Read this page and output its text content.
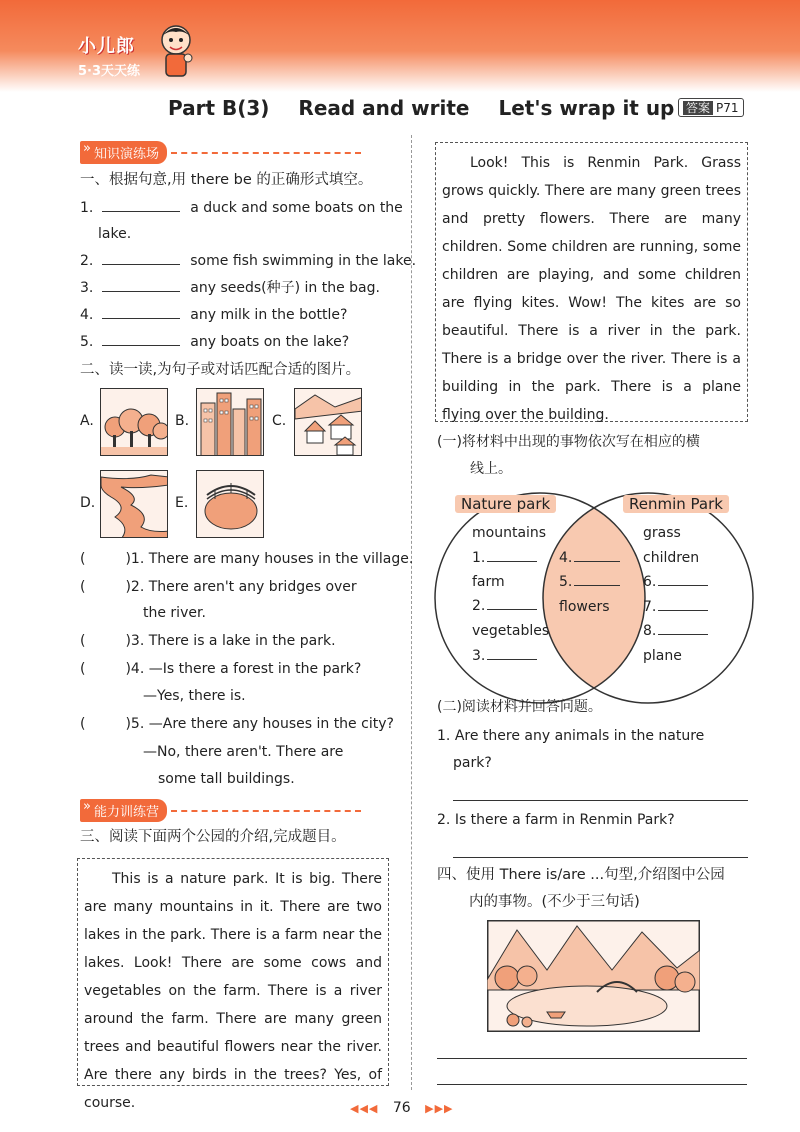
小儿郎
5·3天天练
Part B(3) Read and write Let's wrap it up 答案 P71
» 知识演练场
一、根据句意,用 there be 的正确形式填空。
1.	a duck and some boats on the
lake.
2.	some fish swimming in the lake.
3.	any seeds(种子) in the bag.
4.	any milk in the bottle?
5.	any boats on the lake?
二、读一读,为句子或对话匹配合适的图片。
A.	B.	C.
D.	E.
(	)1. There are many houses in the village.
(	)2. There aren't any bridges over
the river.
(	)3. There is a lake in the park.
(	)4. —Is there a forest in the park?
—Yes, there is.
(	)5. —Are there any houses in the city?
—No, there aren't. There are
some tall buildings.
» 能力训练营
三、阅读下面两个公园的介绍,完成题目。
This is a nature park. It is big. There are many mountains in it. There are two lakes in the park. There is a farm near the lakes. Look! There are some cows and vegetables on the farm. There is a river around the farm. There are many green trees and beautiful flowers near the river. Are there any birds in the trees? Yes, of course.
Look! This is Renmin Park. Grass grows quickly. There are many green trees and pretty flowers. There are many children. Some children are running, some children are playing, and some children are flying kites. Wow! The kites are so beautiful. There is a river in the park. There is a bridge over the river. There is a building in the park. There is a plane flying over the building.
(一)将材料中出现的事物依次写在相应的横
线上。
Nature park	Renmin Park
mountains
1.
farm
2.
vegetables
3.
4.
5.
flowers
grass
children
6.
7.
8.
plane
(二)阅读材料并回答问题。
1. Are there any animals in the nature
park?
2. Is there a farm in Renmin Park?
四、使用 There is/are ...句型,介绍图中公园
内的事物。(不少于三句话)
◀◀◀ 76 ▶▶▶
